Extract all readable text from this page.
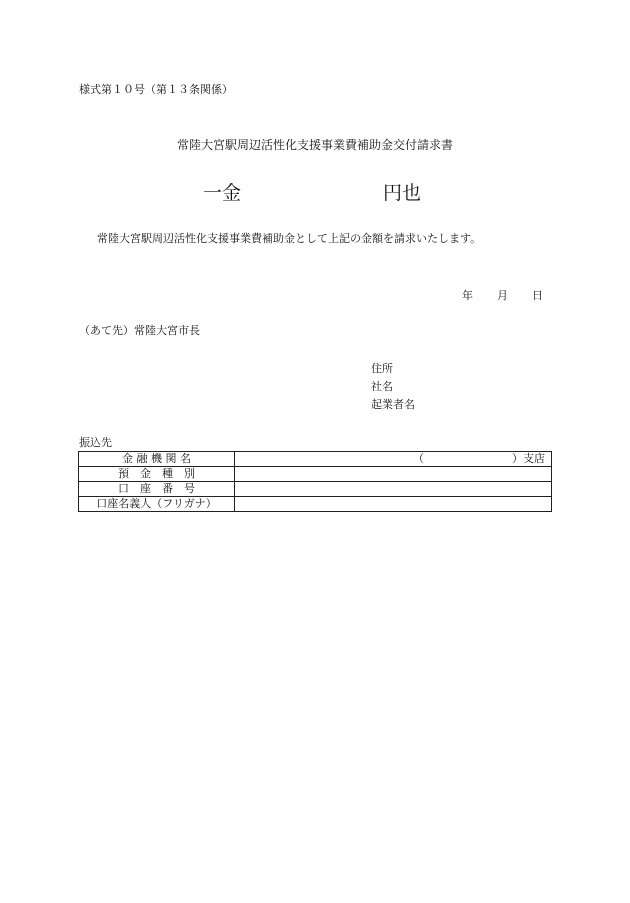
様式第１０号（第１３条関係）
常陸大宮駅周辺活性化支援事業費補助金交付請求書
一金	円也
常陸大宮駅周辺活性化支援事業費補助金として上記の金額を請求いたします。
年 月 日
（あて先）常陸大宮市長
住所
社名
起業者名
振込先
金 融 機 関 名	（ ）支店

預　金　種　別	
口　座　番　号	
口座名義人（フリガナ）	
